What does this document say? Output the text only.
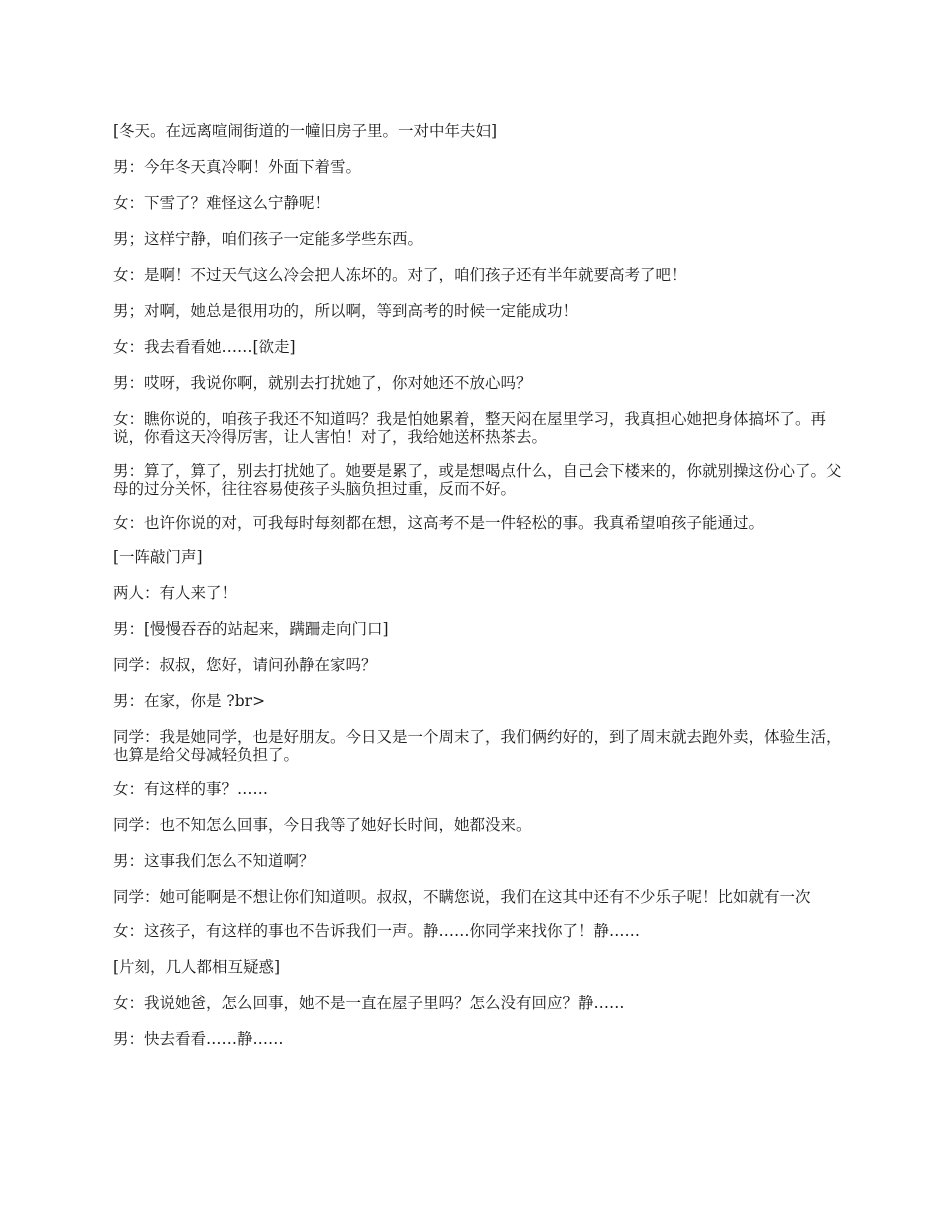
[冬天。在远离喧闹街道的一幢旧房子里。一对中年夫妇]

男：今年冬天真冷啊！外面下着雪。

女：下雪了？难怪这么宁静呢！

男；这样宁静，咱们孩子一定能多学些东西。

女：是啊！不过天气这么冷会把人冻坏的。对了，咱们孩子还有半年就要高考了吧！

男；对啊，她总是很用功的，所以啊，等到高考的时候一定能成功！

女：我去看看她……[欲走]

男：哎呀，我说你啊，就别去打扰她了，你对她还不放心吗？

女：瞧你说的，咱孩子我还不知道吗？我是怕她累着，整天闷在屋里学习，我真担心她把身体搞坏了。再说，你看这天冷得厉害，让人害怕！对了，我给她送杯热茶去。

男：算了，算了，别去打扰她了。她要是累了，或是想喝点什么，自己会下楼来的，你就别操这份心了。父母的过分关怀，往往容易使孩子头脑负担过重，反而不好。

女：也许你说的对，可我每时每刻都在想，这高考不是一件轻松的事。我真希望咱孩子能通过。

[一阵敲门声]

两人：有人来了！

男：[慢慢吞吞的站起来，蹒跚走向门口]

同学：叔叔，您好，请问孙静在家吗？

男：在家，你是 ?br>

同学：我是她同学，也是好朋友。今日又是一个周末了，我们俩约好的，到了周末就去跑外卖，体验生活，也算是给父母减轻负担了。

女：有这样的事？……

同学：也不知怎么回事，今日我等了她好长时间，她都没来。

男：这事我们怎么不知道啊？

同学：她可能啊是不想让你们知道呗。叔叔，不瞒您说，我们在这其中还有不少乐子呢！比如就有一次

女：这孩子，有这样的事也不告诉我们一声。静……你同学来找你了！静……

[片刻，几人都相互疑惑]

女：我说她爸，怎么回事，她不是一直在屋子里吗？怎么没有回应？静……

男：快去看看……静……
